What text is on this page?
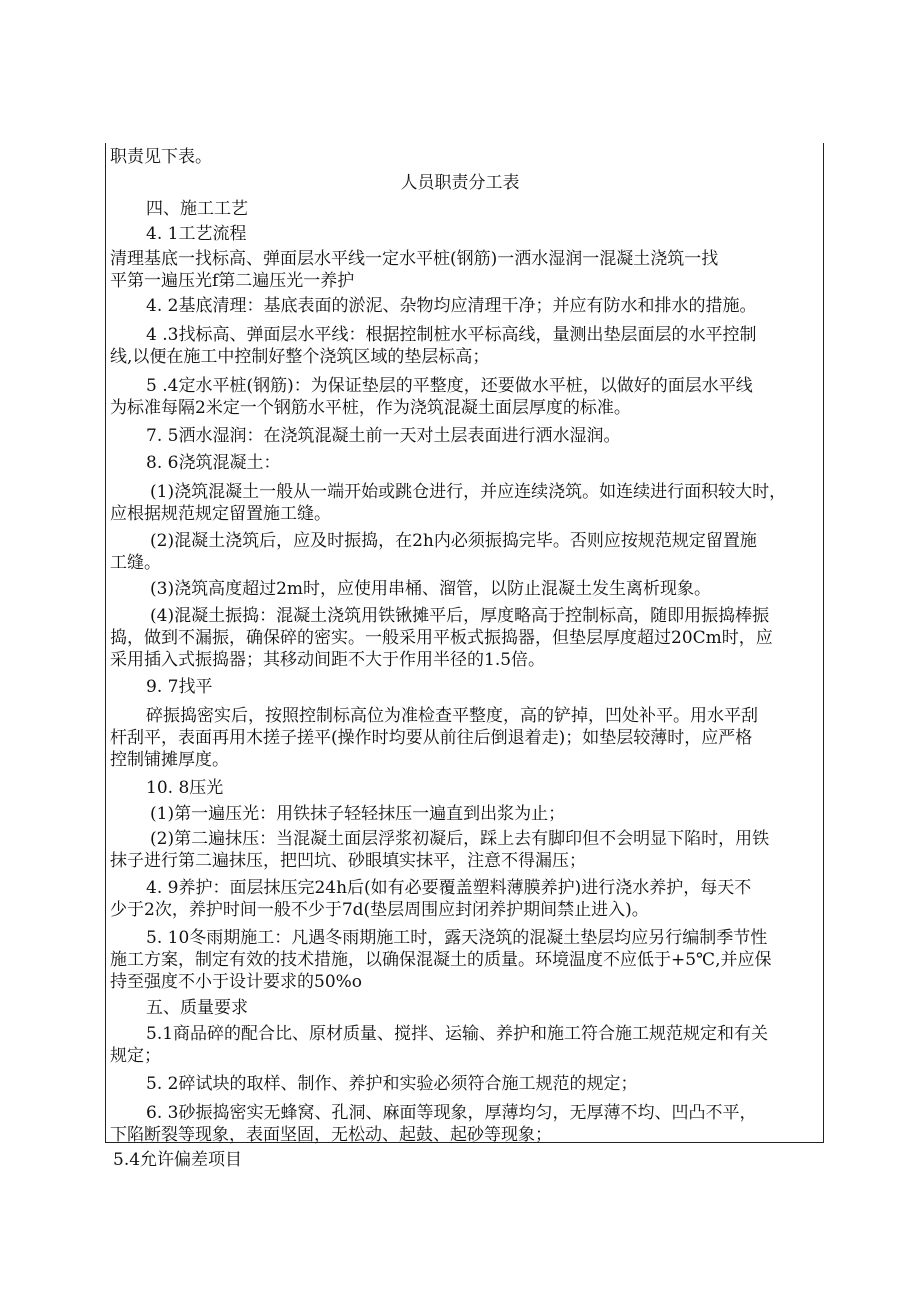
职责见下表。
人员职责分工表
四、施工工艺
4. 1工艺流程
清理基底一找标高、弹面层水平线一定水平桩(钢筋)一洒水湿润一混凝土浇筑一找
平第一遍压光f第二遍压光一养护
4. 2基底清理：基底表面的淤泥、杂物均应清理干净；并应有防水和排水的措施。
4 .3找标高、弹面层水平线：根据控制桩水平标高线，量测出垫层面层的水平控制
线,以便在施工中控制好整个浇筑区域的垫层标高；
5 .4定水平桩(钢筋)：为保证垫层的平整度，还要做水平桩，以做好的面层水平线
为标准每隔2米定一个钢筋水平桩，作为浇筑混凝土面层厚度的标准。
7. 5洒水湿润：在浇筑混凝土前一天对土层表面进行洒水湿润。
8. 6浇筑混凝土：
(1)浇筑混凝土一般从一端开始或跳仓进行，并应连续浇筑。如连续进行面积较大时，
应根据规范规定留置施工缝。
(2)混凝土浇筑后，应及时振捣，在2h内必须振捣完毕。否则应按规范规定留置施
工缝。
(3)浇筑高度超过2m时，应使用串桶、溜管，以防止混凝土发生离析现象。
(4)混凝土振捣：混凝土浇筑用铁锹摊平后，厚度略高于控制标高，随即用振捣棒振
捣，做到不漏振，确保碎的密实。一般采用平板式振捣器，但垫层厚度超过20Cm时，应
采用插入式振捣器；其移动间距不大于作用半径的1.5倍。
9. 7找平
碎振捣密实后，按照控制标高位为准检查平整度，高的铲掉，凹处补平。用水平刮
杆刮平，表面再用木搓子搓平(操作时均要从前往后倒退着走)；如垫层较薄时，应严格
控制铺摊厚度。
10. 8压光
(1)第一遍压光：用铁抹子轻轻抹压一遍直到出浆为止；
(2)第二遍抹压：当混凝土面层浮浆初凝后，踩上去有脚印但不会明显下陷时，用铁
抹子进行第二遍抹压，把凹坑、砂眼填实抹平，注意不得漏压；
4. 9养护：面层抹压完24h后(如有必要覆盖塑料薄膜养护)进行浇水养护，每天不
少于2次，养护时间一般不少于7d(垫层周围应封闭养护期间禁止进入)。
5. 10冬雨期施工：凡遇冬雨期施工时，露天浇筑的混凝土垫层均应另行编制季节性
施工方案，制定有效的技术措施，以确保混凝土的质量。环境温度不应低于+5℃,并应保
持至强度不小于设计要求的50%o
五、质量要求
5.1商品碎的配合比、原材质量、搅拌、运输、养护和施工符合施工规范规定和有关
规定；
5. 2碎试块的取样、制作、养护和实验必须符合施工规范的规定；
6. 3砂振捣密实无蜂窝、孔洞、麻面等现象，厚薄均匀，无厚薄不均、凹凸不平，
下陷断裂等现象，表面坚固，无松动、起鼓、起砂等现象；
5.4允许偏差项目
